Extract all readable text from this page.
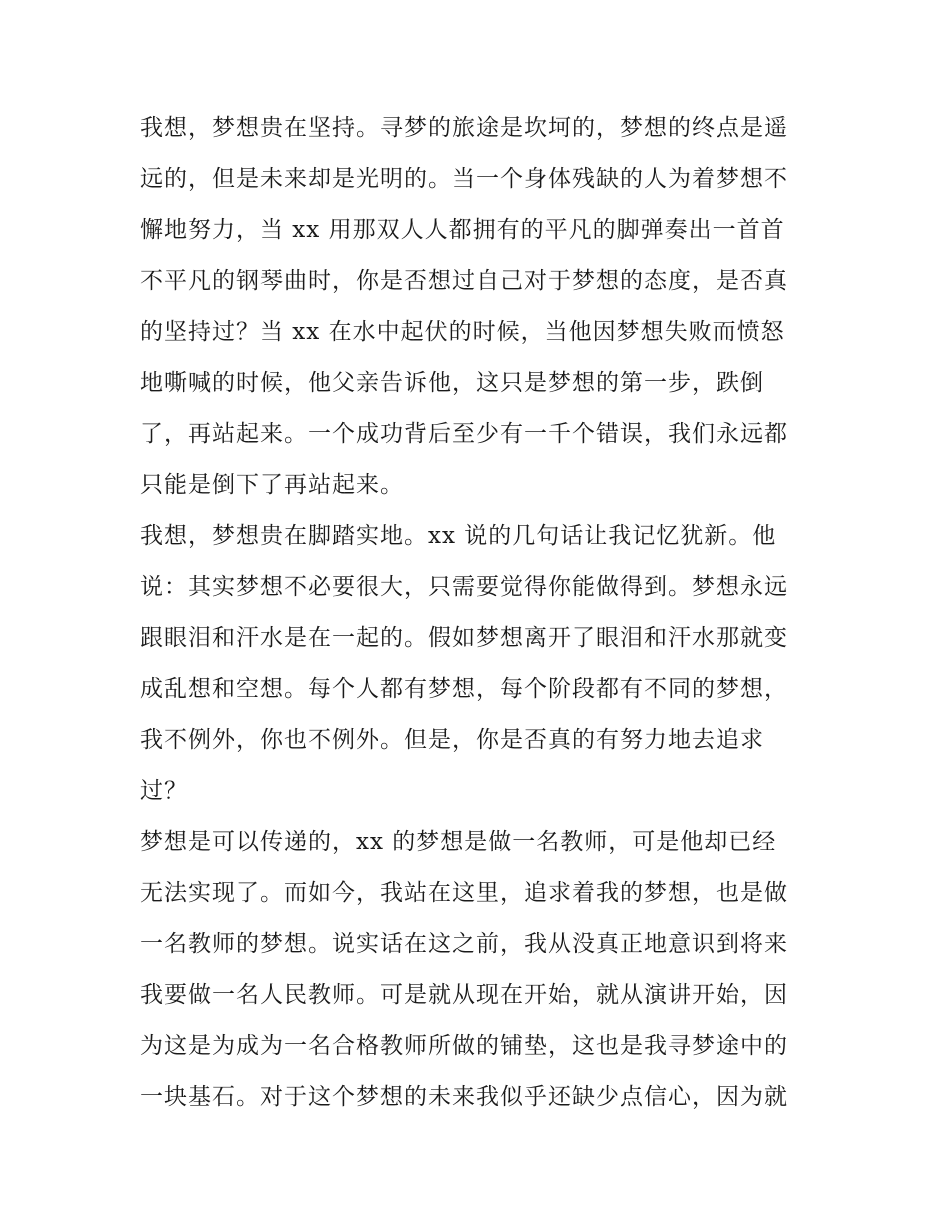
我想，梦想贵在坚持。寻梦的旅途是坎坷的，梦想的终点是遥
远的，但是未来却是光明的。当一个身体残缺的人为着梦想不
懈地努力，当 xx 用那双人人都拥有的平凡的脚弹奏出一首首
不平凡的钢琴曲时，你是否想过自己对于梦想的态度，是否真
的坚持过？当 xx 在水中起伏的时候，当他因梦想失败而愤怒
地嘶喊的时候，他父亲告诉他，这只是梦想的第一步，跌倒
了，再站起来。一个成功背后至少有一千个错误，我们永远都
只能是倒下了再站起来。
我想，梦想贵在脚踏实地。xx 说的几句话让我记忆犹新。他
说：其实梦想不必要很大，只需要觉得你能做得到。梦想永远
跟眼泪和汗水是在一起的。假如梦想离开了眼泪和汗水那就变
成乱想和空想。每个人都有梦想，每个阶段都有不同的梦想，
我不例外，你也不例外。但是，你是否真的有努力地去追求
过？
梦想是可以传递的，xx 的梦想是做一名教师，可是他却已经
无法实现了。而如今，我站在这里，追求着我的梦想，也是做
一名教师的梦想。说实话在这之前，我从没真正地意识到将来
我要做一名人民教师。可是就从现在开始，就从演讲开始，因
为这是为成为一名合格教师所做的铺垫，这也是我寻梦途中的
一块基石。对于这个梦想的未来我似乎还缺少点信心，因为就
